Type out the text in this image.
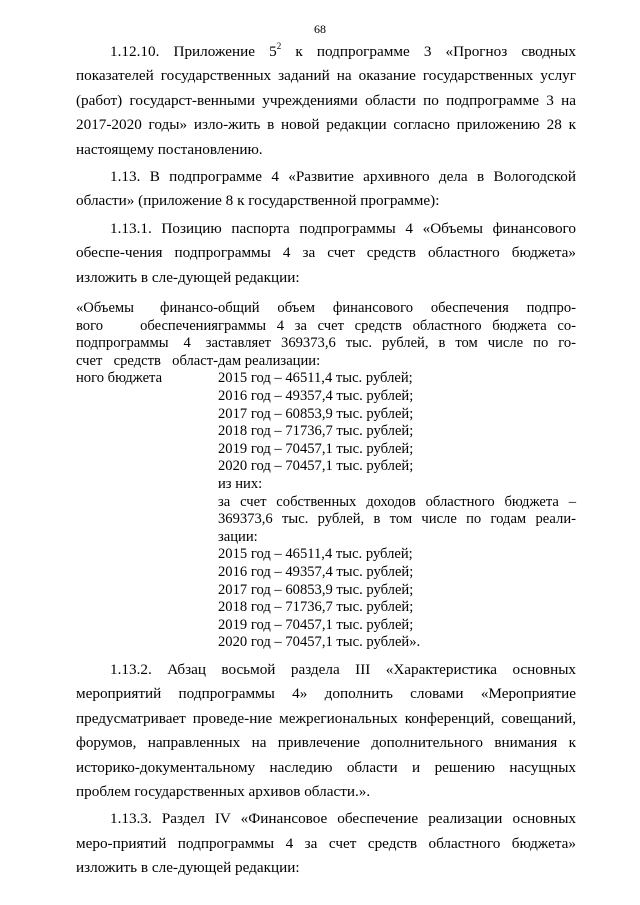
68

1.12.10. Приложение $5^2$ к подпрограмме 3 «Прогноз сводных показателей государственных заданий на оказание государственных услуг (работ) государст-венными учреждениями области по подпрограмме 3 на 2017-2020 годы» изло-жить в новой редакции согласно приложению 28 к настоящему постановлению.

1.13. В подпрограмме 4 «Развитие архивного дела в Вологодской области» (приложение 8 к государственной программе):

1.13.1. Позицию паспорта подпрограммы 4 «Объемы финансового обеспе-чения подпрограммы 4 за счет средств областного бюджета» изложить в сле-дующей редакции:

«Объемы финансо-
вого обеспечения
подпрограммы 4 за
счет средств област-
ного бюджета
общий объем финансового обеспечения подпро-
граммы 4 за счет средств областного бюджета со-
ставляет 369373,6 тыс. рублей, в том числе по го-
дам реализации:
2015 год – 46511,4 тыс. рублей;
2016 год – 49357,4 тыс. рублей;
2017 год – 60853,9 тыс. рублей;
2018 год – 71736,7 тыс. рублей;
2019 год – 70457,1 тыс. рублей;
2020 год – 70457,1 тыс. рублей;
из них:
за счет собственных доходов областного бюджета –
369373,6 тыс. рублей, в том числе по годам реали-
зации:
2015 год – 46511,4 тыс. рублей;
2016 год – 49357,4 тыс. рублей;
2017 год – 60853,9 тыс. рублей;
2018 год – 71736,7 тыс. рублей;
2019 год – 70457,1 тыс. рублей;
2020 год – 70457,1 тыс. рублей».

1.13.2. Абзац восьмой раздела III «Характеристика основных мероприятий подпрограммы 4» дополнить словами «Мероприятие предусматривает проведе-ние межрегиональных конференций, совещаний, форумов, направленных на привлечение дополнительного внимания к историко-документальному наследию области и решению насущных проблем государственных архивов области.».

1.13.3. Раздел IV «Финансовое обеспечение реализации основных меро-приятий подпрограммы 4 за счет средств областного бюджета» изложить в сле-дующей редакции:
